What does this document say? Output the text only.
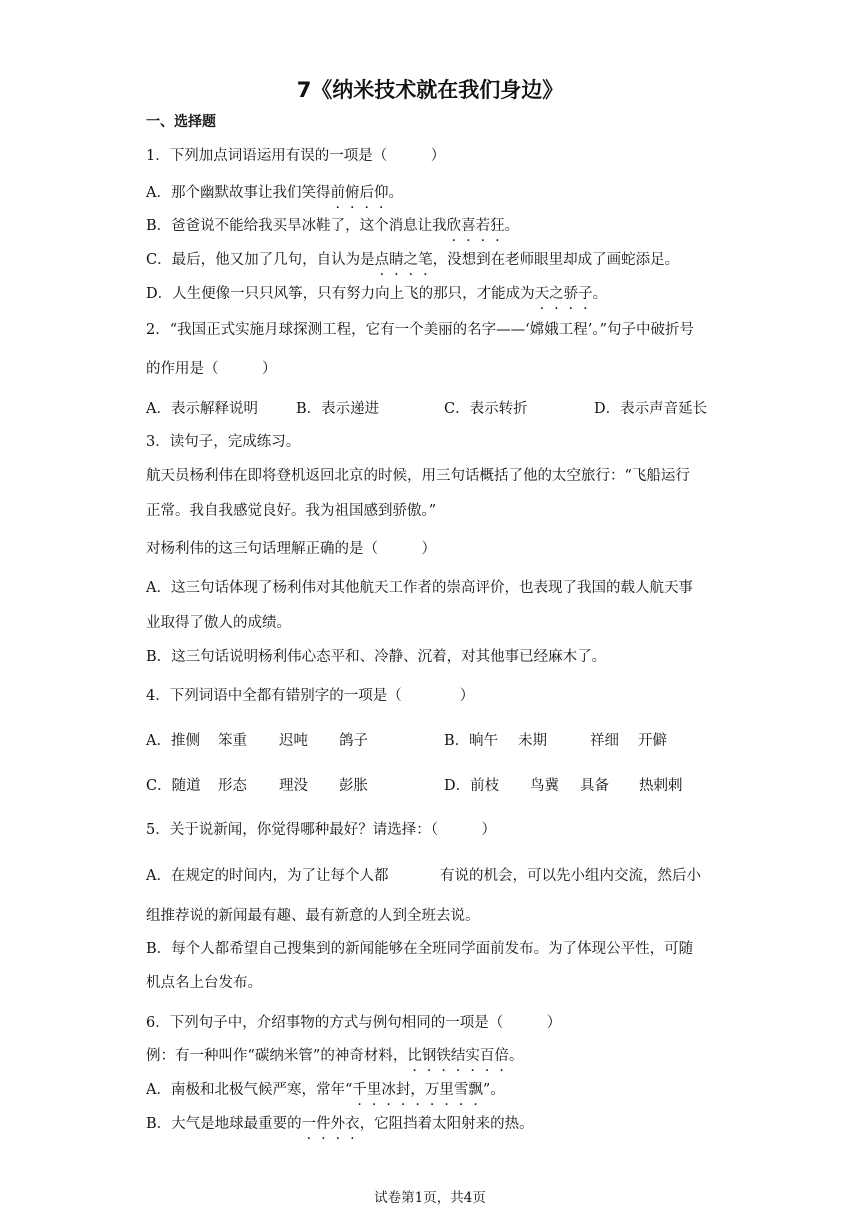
7《纳米技术就在我们身边》
一、选择题
1．下列加点词语运用有误的一项是（　　　）
A．那个幽默故事让我们笑得前俯后仰。
B．爸爸说不能给我买旱冰鞋了，这个消息让我欣喜若狂。
C．最后，他又加了几句，自认为是点睛之笔，没想到在老师眼里却成了画蛇添足。
D．人生便像一只只风筝，只有努力向上飞的那只，才能成为天之骄子。
2．“我国正式实施月球探测工程，它有一个美丽的名字——‘嫦娥工程’。”句子中破折号
的作用是（　　　）
A．表示解释说明	B．表示递进	C．表示转折	D．表示声音延长
3．读句子，完成练习。
航天员杨利伟在即将登机返回北京的时候，用三句话概括了他的太空旅行：“飞船运行
正常。我自我感觉良好。我为祖国感到骄傲。”
对杨利伟的这三句话理解正确的是（　　　）
A．这三句话体现了杨利伟对其他航天工作者的崇高评价，也表现了我国的载人航天事
业取得了傲人的成绩。
B．这三句话说明杨利伟心态平和、冷静、沉着，对其他事已经麻木了。
4．下列词语中全都有错别字的一项是（　　　　）
A．推侧 笨重 迟吨 鸽子	B．晌午 未期	祥细 开僻
C．随道 形态 理没 彭胀	D．前枝 鸟冀 具备 热剌剌
5．关于说新闻，你觉得哪种最好？请选择：（　　　）
A．在规定的时间内，为了让每个人都	有说的机会，可以先小组内交流，然后小
组推荐说的新闻最有趣、最有新意的人到全班去说。
B．每个人都希望自己搜集到的新闻能够在全班同学面前发布。为了体现公平性，可随
机点名上台发布。
6．下列句子中，介绍事物的方式与例句相同的一项是（　　　）
例：有一种叫作“碳纳米管”的神奇材料，比钢铁结实百倍。
A．南极和北极气候严寒，常年“千里冰封， ·万里雪飘”。
B．大气是地球最重要的一件外衣，它阻挡着太阳射来的热。
试卷第1页，共4页
